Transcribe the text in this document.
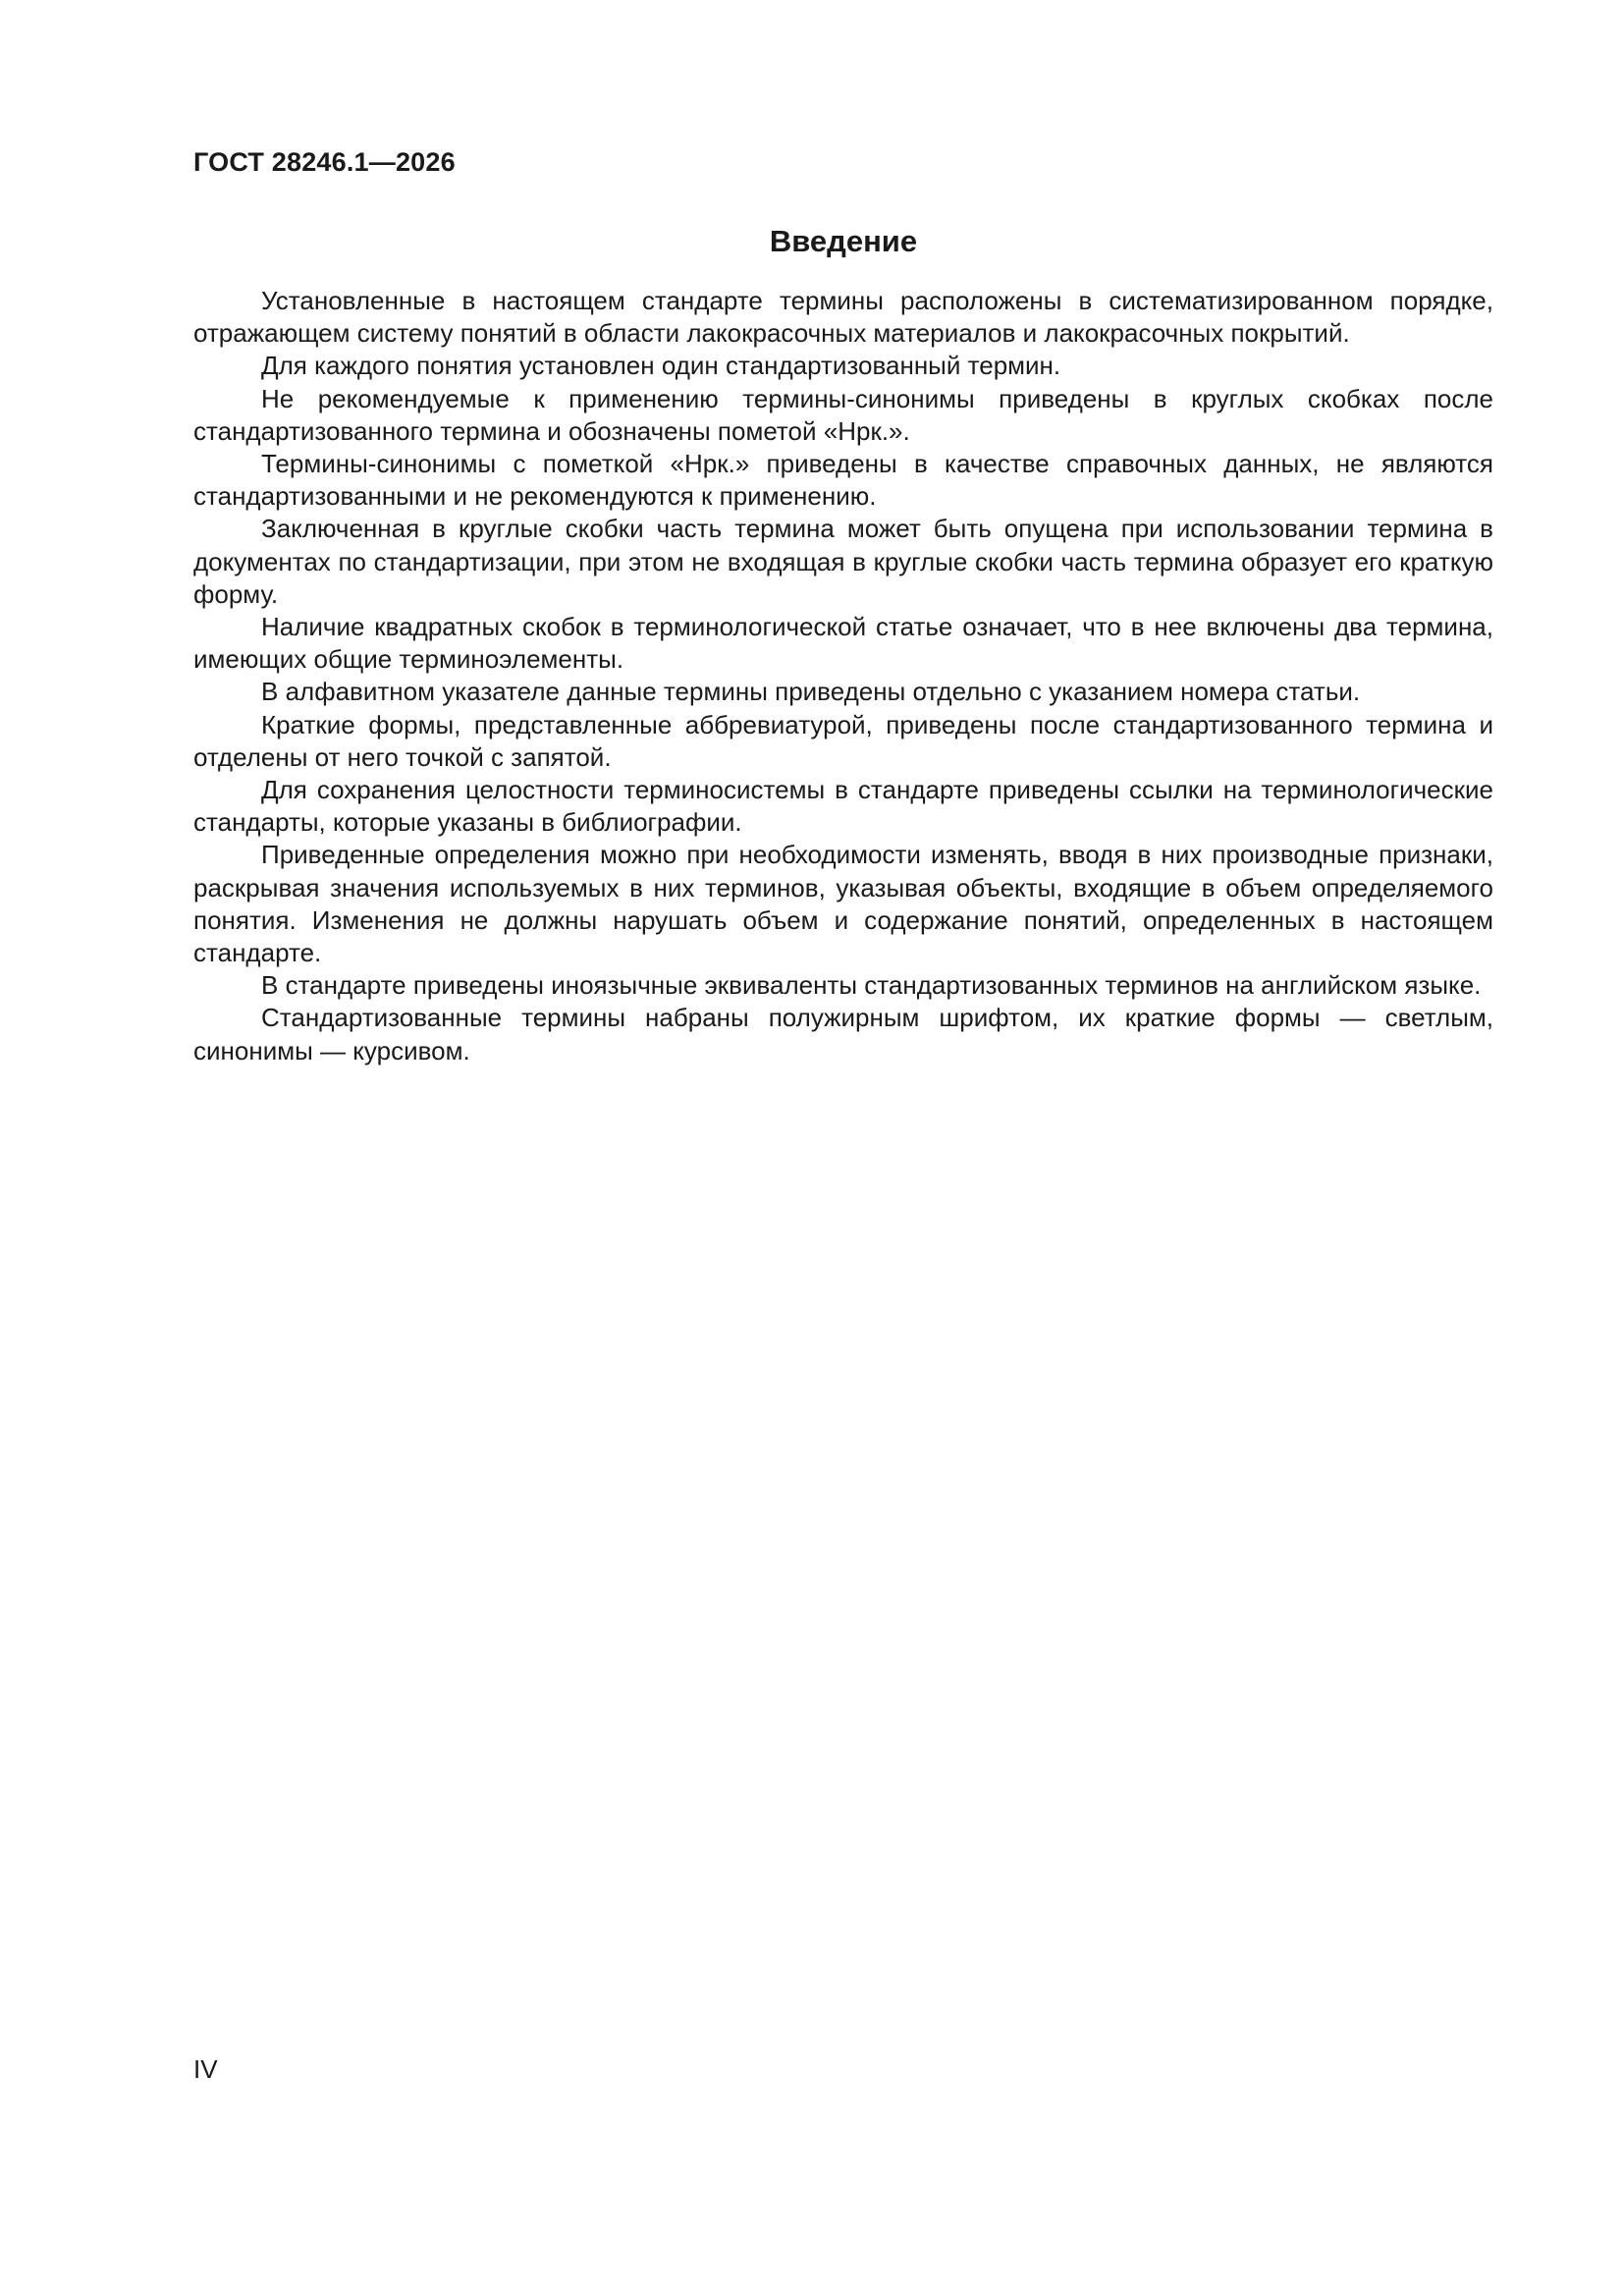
ГОСТ 28246.1—2026
Введение

Установленные в настоящем стандарте термины расположены в систематизированном порядке, отражающем систему понятий в области лакокрасочных материалов и лакокрасочных покрытий.

Для каждого понятия установлен один стандартизованный термин.

Не рекомендуемые к применению термины-синонимы приведены в круглых скобках после стандартизованного термина и обозначены пометой «Нрк.».

Термины-синонимы с пометкой «Нрк.» приведены в качестве справочных данных, не являются стандартизованными и не рекомендуются к применению.

Заключенная в круглые скобки часть термина может быть опущена при использовании термина в документах по стандартизации, при этом не входящая в круглые скобки часть термина образует его краткую форму.

Наличие квадратных скобок в терминологической статье означает, что в нее включены два термина, имеющих общие терминоэлементы.

В алфавитном указателе данные термины приведены отдельно с указанием номера статьи.

Краткие формы, представленные аббревиатурой, приведены после стандартизованного термина и отделены от него точкой с запятой.

Для сохранения целостности терминосистемы в стандарте приведены ссылки на терминологические стандарты, которые указаны в библиографии.

Приведенные определения можно при необходимости изменять, вводя в них производные признаки, раскрывая значения используемых в них терминов, указывая объекты, входящие в объем определяемого понятия. Изменения не должны нарушать объем и содержание понятий, определенных в настоящем стандарте.

В стандарте приведены иноязычные эквиваленты стандартизованных терминов на английском языке.

Стандартизованные термины набраны полужирным шрифтом, их краткие формы — светлым, синонимы — курсивом.

IV
